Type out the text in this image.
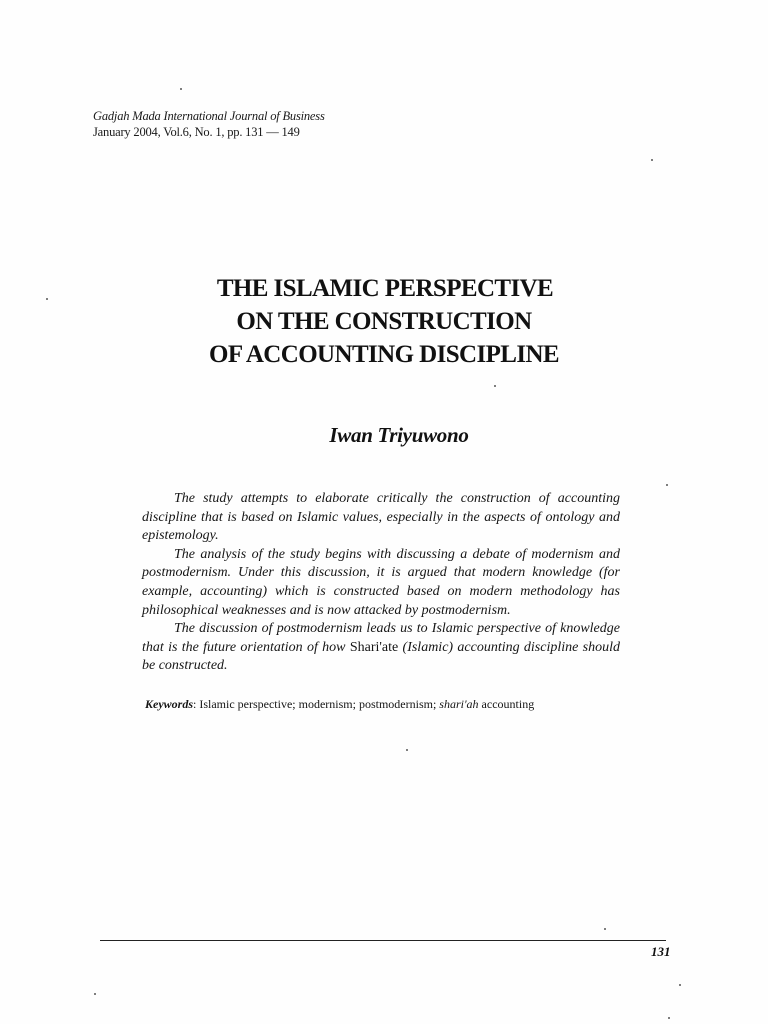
Gadjah Mada International Journal of Business
January 2004, Vol.6, No. 1, pp. 131 — 149
THE ISLAMIC PERSPECTIVE
ON THE CONSTRUCTION
OF ACCOUNTING DISCIPLINE
Iwan Triyuwono

The study attempts to elaborate critically the construction of accounting discipline that is based on Islamic values, especially in the aspects of ontology and epistemology.

The analysis of the study begins with discussing a debate of modernism and postmodernism. Under this discussion, it is argued that modern knowledge (for example, accounting) which is constructed based on modern methodology has philosophical weaknesses and is now attacked by postmodernism.

The discussion of postmodernism leads us to Islamic perspective of knowledge that is the future orientation of how Shari'ate (Islamic) accounting discipline should be constructed.

Keywords: Islamic perspective; modernism; postmodernism; shari'ah accounting
131
